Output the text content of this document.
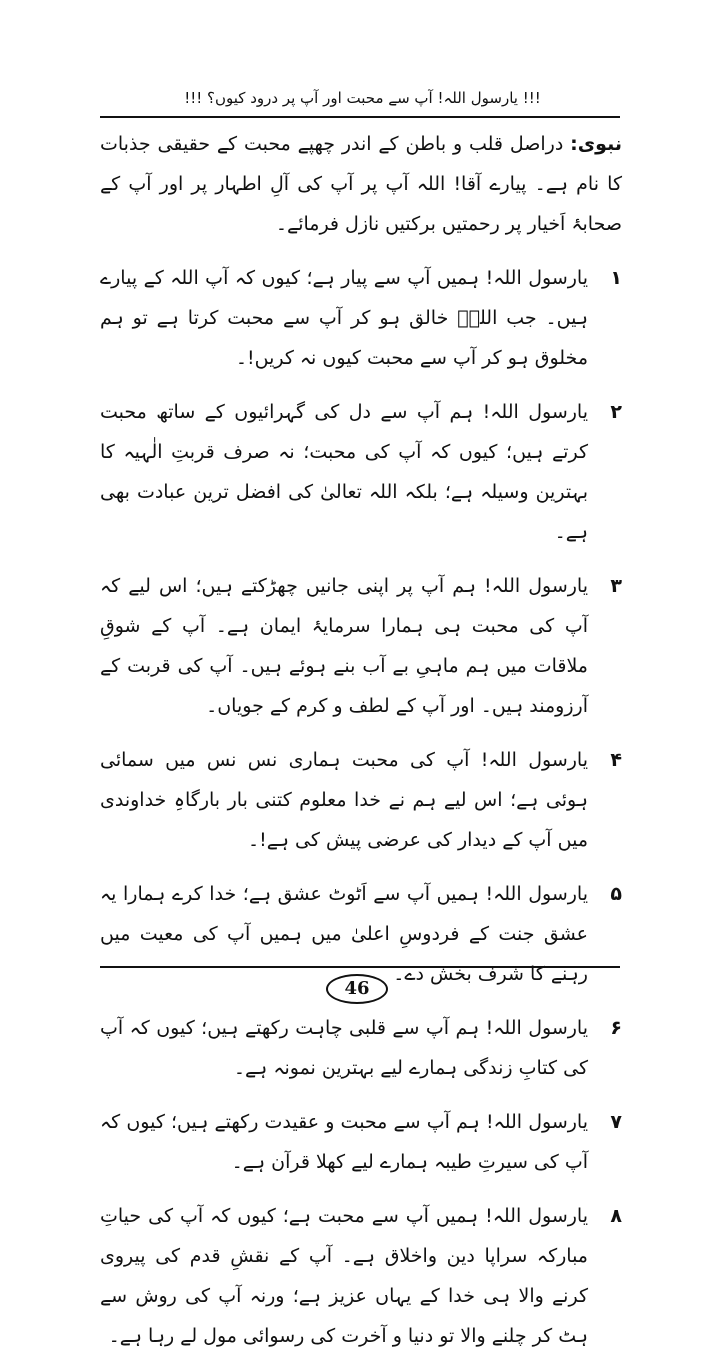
!!! یارسول اللہ! آپ سے محبت اور آپ پر درود کیوں؟ !!!

نبوی: دراصل قلب و باطن کے اندر چھپے محبت کے حقیقی جذبات کا نام ہے۔ پیارے آقا! اللہ آپ پر آپ کی آلِ اطہار پر اور آپ کے صحابۂ اَخیار پر رحمتیں برکتیں نازل فرمائے۔

۱
یارسول اللہ! ہمیں آپ سے پیار ہے؛ کیوں کہ آپ اللہ کے پیارے ہیں۔ جب اللہؐ خالق ہو کر آپ سے محبت کرتا ہے تو ہم مخلوق ہو کر آپ سے محبت کیوں نہ کریں!۔
۲
یارسول اللہ! ہم آپ سے دل کی گہرائیوں کے ساتھ محبت کرتے ہیں؛ کیوں کہ آپ کی محبت؛ نہ صرف قربتِ الٰہیہ کا بہترین وسیلہ ہے؛ بلکہ اللہ تعالیٰ کی افضل ترین عبادت بھی ہے۔
۳
یارسول اللہ! ہم آپ پر اپنی جانیں چھڑکتے ہیں؛ اس لیے کہ آپ کی محبت ہی ہمارا سرمایۂ ایمان ہے۔ آپ کے شوقِ ملاقات میں ہم ماہیِ بے آب بنے ہوئے ہیں۔ آپ کی قربت کے آرزومند ہیں۔ اور آپ کے لطف و کرم کے جویاں۔
۴
یارسول اللہ! آپ کی محبت ہماری نس نس میں سمائی ہوئی ہے؛ اس لیے ہم نے خدا معلوم کتنی بار بارگاہِ خداوندی میں آپ کے دیدار کی عرضی پیش کی ہے!۔
۵
یارسول اللہ! ہمیں آپ سے اَٹوٹ عشق ہے؛ خدا کرے ہمارا یہ عشق جنت کے فردوسِ اعلیٰ میں ہمیں آپ کی معیت میں رہنے کا شرف بخش دے۔
۶
یارسول اللہ! ہم آپ سے قلبی چاہت رکھتے ہیں؛ کیوں کہ آپ کی کتابِ زندگی ہمارے لیے بہترین نمونہ ہے۔
۷
یارسول اللہ! ہم آپ سے محبت و عقیدت رکھتے ہیں؛ کیوں کہ آپ کی سیرتِ طیبہ ہمارے لیے کھلا قرآن ہے۔
۸
یارسول اللہ! ہمیں آپ سے محبت ہے؛ کیوں کہ آپ کی حیاتِ مبارکہ سراپا دین واخلاق ہے۔ آپ کے نقشِ قدم کی پیروی کرنے والا ہی خدا کے یہاں عزیز ہے؛ ورنہ آپ کی روش سے ہٹ کر چلنے والا تو دنیا و آخرت کی رسوائی مول لے رہا ہے۔
46
